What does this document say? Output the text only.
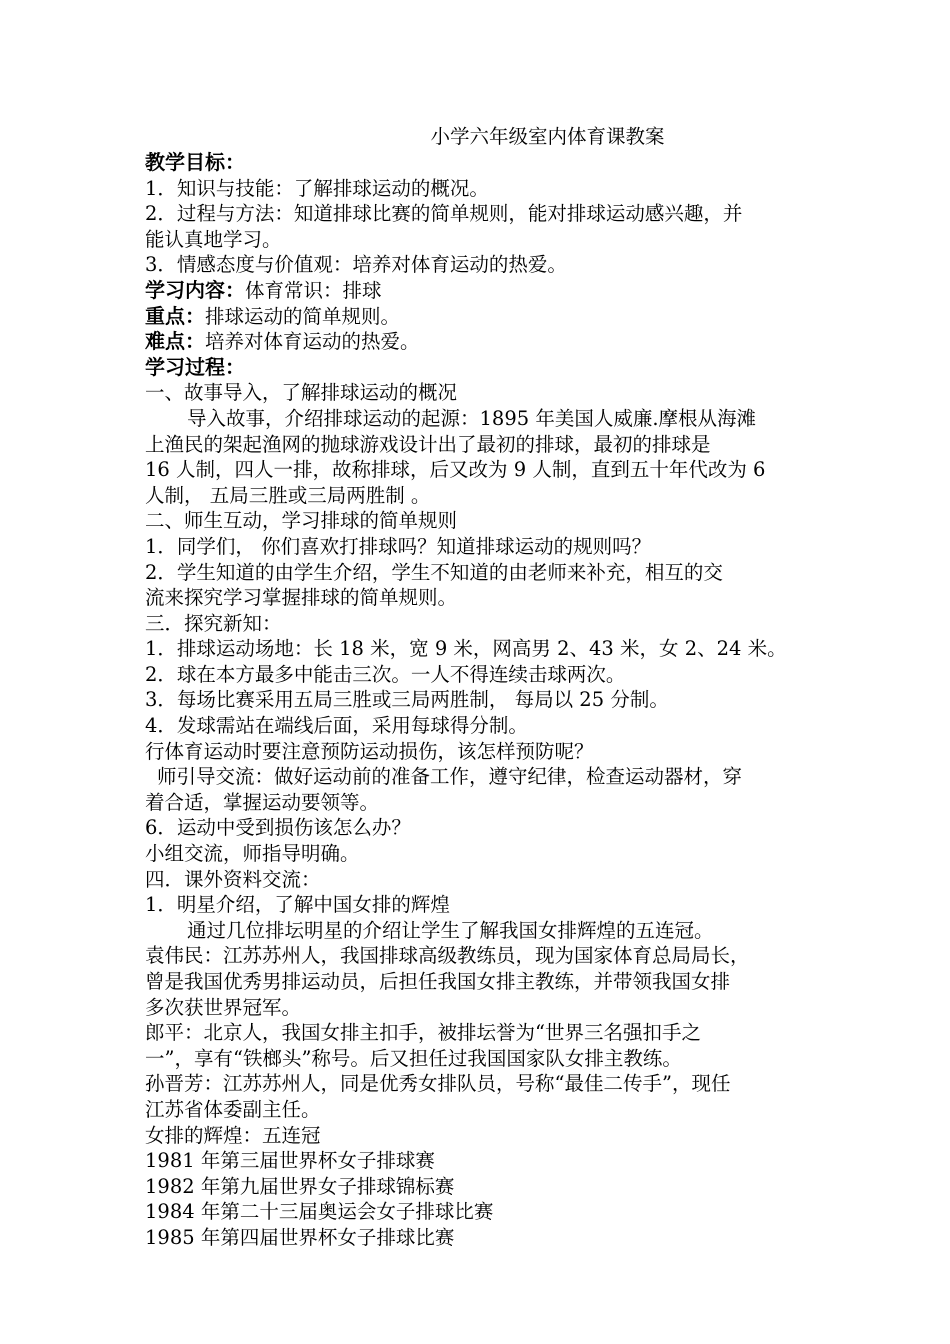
小学六年级室内体育课教案
教学目标：
1．知识与技能：了解排球运动的概况。
2．过程与方法：知道排球比赛的简单规则，能对排球运动感兴趣，并
能认真地学习。
3．情感态度与价值观：培养对体育运动的热爱。
学习内容：体育常识：排球
重点：排球运动的简单规则。
难点：培养对体育运动的热爱。
学习过程：
一、故事导入，了解排球运动的概况
导入故事，介绍排球运动的起源：1895 年美国人威廉.摩根从海滩
上渔民的架起渔网的抛球游戏设计出了最初的排球，最初的排球是
16 人制，四人一排，故称排球，后又改为 9 人制，直到五十年代改为 6
人制， 五局三胜或三局两胜制 。
二、师生互动，学习排球的简单规则
1．同学们， 你们喜欢打排球吗？知道排球运动的规则吗？
2．学生知道的由学生介绍，学生不知道的由老师来补充，相互的交
流来探究学习掌握排球的简单规则。
三．探究新知：
1．排球运动场地：长 18 米，宽 9 米，网高男 2、43 米，女 2、24 米。
2．球在本方最多中能击三次。一人不得连续击球两次。
3．每场比赛采用五局三胜或三局两胜制， 每局以 25 分制。
4．发球需站在端线后面，采用每球得分制。
行体育运动时要注意预防运动损伤，该怎样预防呢？
师引导交流：做好运动前的准备工作，遵守纪律，检查运动器材，穿
着合适，掌握运动要领等。
6．运动中受到损伤该怎么办？
小组交流，师指导明确。
四．课外资料交流：
1．明星介绍，了解中国女排的辉煌
通过几位排坛明星的介绍让学生了解我国女排辉煌的五连冠。
袁伟民：江苏苏州人，我国排球高级教练员，现为国家体育总局局长，
曾是我国优秀男排运动员，后担任我国女排主教练，并带领我国女排
多次获世界冠军。
郎平：北京人，我国女排主扣手，被排坛誉为“世界三名强扣手之
一”，享有“铁榔头”称号。后又担任过我国国家队女排主教练。
孙晋芳：江苏苏州人，同是优秀女排队员，号称“最佳二传手”，现任
江苏省体委副主任。
女排的辉煌：五连冠
1981 年第三届世界杯女子排球赛
1982 年第九届世界女子排球锦标赛
1984 年第二十三届奥运会女子排球比赛
1985 年第四届世界杯女子排球比赛
